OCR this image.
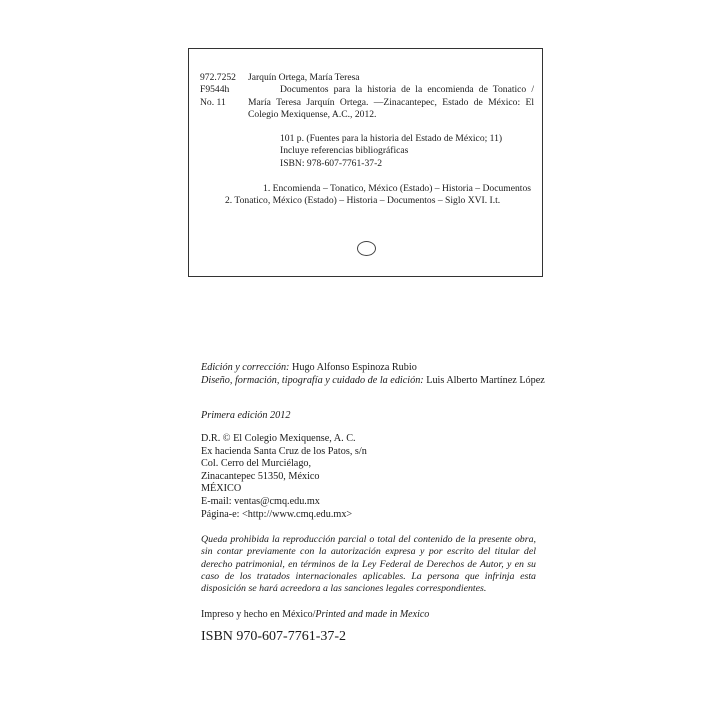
972.7252
F9544h
No. 11
Jarquín Ortega, María Teresa
Documentos para la historia de la encomienda de Tonatico / María Teresa Jarquín Ortega. —Zinacantepec, Estado de México: El Colegio Mexiquense, A.C., 2012.
101 p. (Fuentes para la historia del Estado de México; 11)
Incluye referencias bibliográficas
ISBN: 978-607-7761-37-2
1. Encomienda – Tonatico, México (Estado) – Historia – Documentos
2. Tonatico, México (Estado) – Historia – Documentos – Siglo XVI. I.t.
Edición y corrección: Hugo Alfonso Espinoza Rubio
Diseño, formación, tipografía y cuidado de la edición: Luis Alberto Martínez López
Primera edición 2012
D.R. © El Colegio Mexiquense, A. C.
Ex hacienda Santa Cruz de los Patos, s/n
Col. Cerro del Murciélago,
Zinacantepec 51350, México
MÉXICO
E-mail: ventas@cmq.edu.mx
Página-e: <http://www.cmq.edu.mx>
Queda prohibida la reproducción parcial o total del contenido de la presente obra, sin contar previamente con la autorización expresa y por escrito del titular del derecho patrimonial, en términos de la Ley Federal de Derechos de Autor, y en su caso de los tratados internacionales aplicables. La persona que infrinja esta disposición se hará acreedora a las sanciones legales correspondientes.
Impreso y hecho en México/Printed and made in Mexico
ISBN 970-607-7761-37-2
